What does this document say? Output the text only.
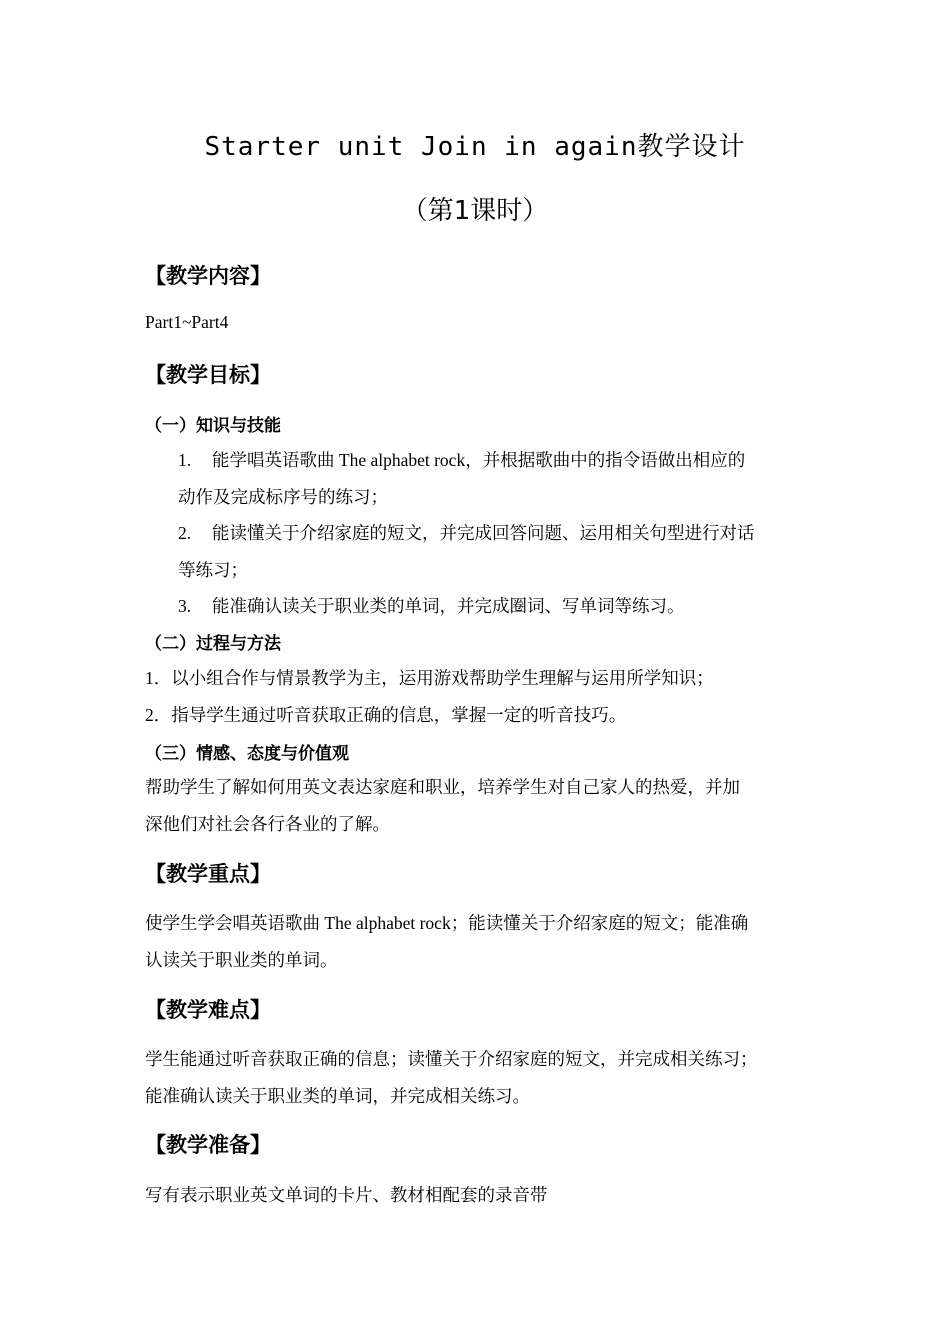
Starter unit Join in again教学设计
（第1课时）
【教学内容】
Part1~Part4
【教学目标】
（一）知识与技能
1. 能学唱英语歌曲 The alphabet rock，并根据歌曲中的指令语做出相应的
动作及完成标序号的练习；
2. 能读懂关于介绍家庭的短文，并完成回答问题、运用相关句型进行对话
等练习；
3. 能准确认读关于职业类的单词，并完成圈词、写单词等练习。
（二）过程与方法
1．以小组合作与情景教学为主，运用游戏帮助学生理解与运用所学知识；
2．指导学生通过听音获取正确的信息，掌握一定的听音技巧。
（三）情感、态度与价值观
帮助学生了解如何用英文表达家庭和职业，培养学生对自己家人的热爱，并加
深他们对社会各行各业的了解。
【教学重点】
使学生学会唱英语歌曲 The alphabet rock；能读懂关于介绍家庭的短文；能准确
认读关于职业类的单词。
【教学难点】
学生能通过听音获取正确的信息；读懂关于介绍家庭的短文，并完成相关练习；
能准确认读关于职业类的单词，并完成相关练习。
【教学准备】
写有表示职业英文单词的卡片、教材相配套的录音带
